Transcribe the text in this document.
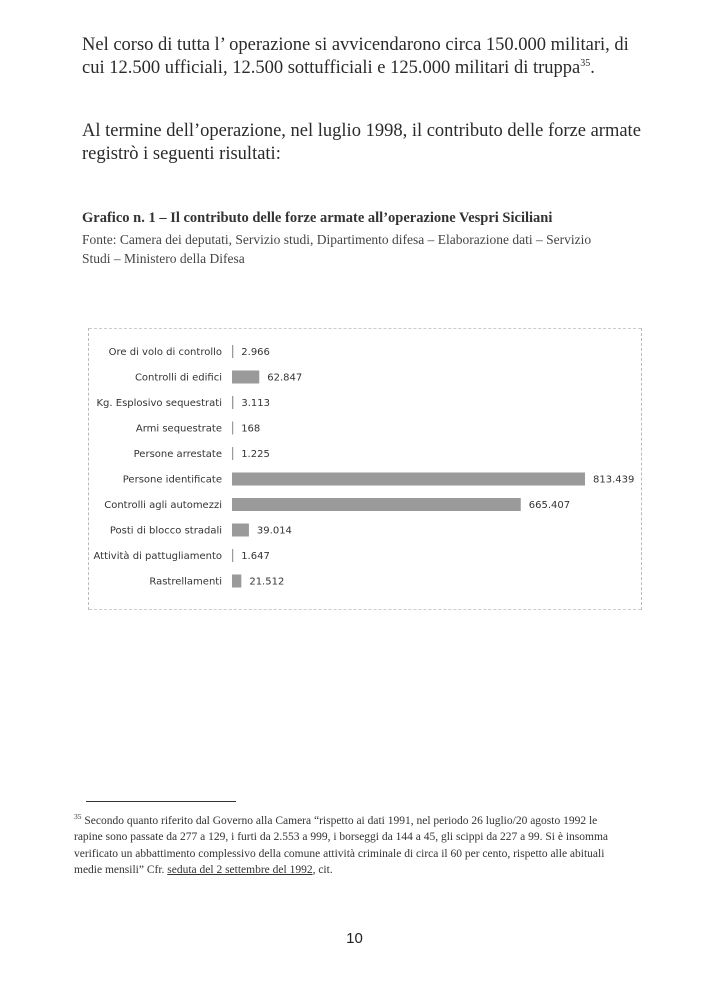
Nel corso di tutta l’ operazione si avvicendarono circa 150.000 militari, di cui 12.500 ufficiali, 12.500 sottufficiali e 125.000 militari di truppa$^{35}$.

Al termine dell’operazione, nel luglio 1998, il contributo delle forze armate registrò i seguenti risultati:

Grafico n. 1 – Il contributo delle forze armate all’operazione Vespri Siciliani
Fonte: Camera dei deputati, Servizio studi, Dipartimento difesa – Elaborazione dati – Servizio Studi – Ministero della Difesa
Ore di volo di controllo 2.966
Controlli di edifici	62.847
Kg. Esplosivo sequestrati 3.113
Armi sequestrate 168
Persone arrestate 1.225
Persone identificate	813.439
Controlli agli automezzi	665.407
Posti di blocco stradali	39.014
Attività di pattugliamento 1.647
Rastrellamenti	21.512

$^{35}$ Secondo quanto riferito dal Governo alla Camera “rispetto ai dati 1991, nel periodo 26 luglio/20 agosto 1992 le rapine sono passate da 277 a 129, i furti da 2.553 a 999, i borseggi da 144 a 45, gli scippi da 227 a 99. Si è insomma verificato un abbattimento complessivo della comune attività criminale di circa il 60 per cento, rispetto alle abituali medie mensili” Cfr. seduta del 2 settembre del 1992, cit.

10
